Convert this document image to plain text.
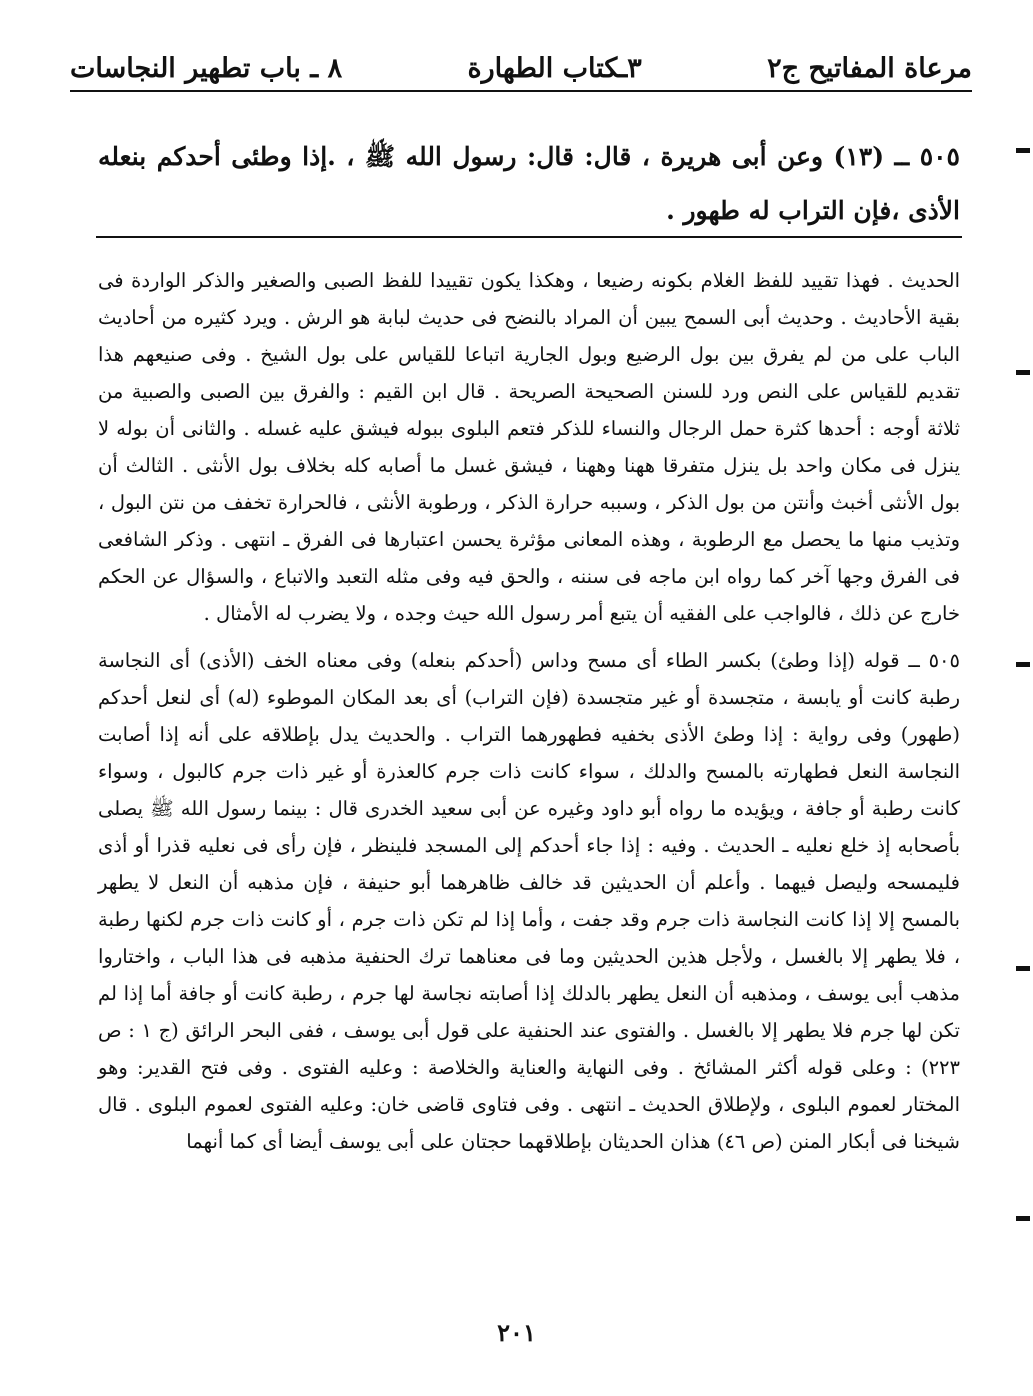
مرعاة المفاتيح ج٢
٣ـكتاب الطهارة
٨ ـ باب تطهير النجاسات
٥٠٥ ــ (١٣) وعن أبى هريرة ، قال: قال: رسول الله ﷺ ، .إذا وطئى أحدكم بنعله الأذى ،فإن التراب له طهور .

الحديث . فهذا تقييد للفظ الغلام بكونه رضيعا ، وهكذا يكون تقييدا للفظ الصبى والصغير والذكر الواردة فى بقية الأحاديث . وحديث أبى السمح يبين أن المراد بالنضح فى حديث لبابة هو الرش . ويرد كثيره من أحاديث الباب على من لم يفرق بين بول الرضيع وبول الجارية اتباعا للقياس على بول الشيخ . وفى صنيعهم هذا تقديم للقياس على النص ورد للسنن الصحيحة الصريحة . قال ابن القيم : والفرق بين الصبى والصبية من ثلاثة أوجه : أحدها كثرة حمل الرجال والنساء للذكر فتعم البلوى ببوله فيشق عليه غسله . والثانى أن بوله لا ينزل فى مكان واحد بل ينزل متفرقا ههنا وههنا ، فيشق غسل ما أصابه كله بخلاف بول الأنثى . الثالث أن بول الأنثى أخبث وأنتن من بول الذكر ، وسببه حرارة الذكر ، ورطوبة الأنثى ، فالحرارة تخفف من نتن البول ، وتذيب منها ما يحصل مع الرطوبة ، وهذه المعانى مؤثرة يحسن اعتبارها فى الفرق ـ انتهى . وذكر الشافعى فى الفرق وجها آخر كما رواه ابن ماجه فى سننه ، والحق فيه وفى مثله التعبد والاتباع ، والسؤال عن الحكم خارج عن ذلك ، فالواجب على الفقيه أن يتبع أمر رسول الله حيث وجده ، ولا يضرب له الأمثال .

٥٠٥ ــ قوله (إذا وطئ) بكسر الطاء أى مسح وداس (أحدكم بنعله) وفى معناه الخف (الأذى) أى النجاسة رطبة كانت أو يابسة ، متجسدة أو غير متجسدة (فإن التراب) أى بعد المكان الموطوء (له) أى لنعل أحدكم (طهور) وفى رواية : إذا وطئ الأذى بخفيه فطهورهما التراب . والحديث يدل بإطلاقه على أنه إذا أصابت النجاسة النعل فطهارته بالمسح والدلك ، سواء كانت ذات جرم كالعذرة أو غير ذات جرم كالبول ، وسواء كانت رطبة أو جافة ، ويؤيده ما رواه أبو داود وغيره عن أبى سعيد الخدرى قال : بينما رسول الله ﷺ يصلى بأصحابه إذ خلع نعليه ـ الحديث . وفيه : إذا جاء أحدكم إلى المسجد فلينظر ، فإن رأى فى نعليه قذرا أو أذى فليمسحه وليصل فيهما . وأعلم أن الحديثين قد خالف ظاهرهما أبو حنيفة ، فإن مذهبه أن النعل لا يطهر بالمسح إلا إذا كانت النجاسة ذات جرم وقد جفت ، وأما إذا لم تكن ذات جرم ، أو كانت ذات جرم لكنها رطبة ، فلا يطهر إلا بالغسل ، ولأجل هذين الحديثين وما فى معناهما ترك الحنفية مذهبه فى هذا الباب ، واختاروا مذهب أبى يوسف ، ومذهبه أن النعل يطهر بالدلك إذا أصابته نجاسة لها جرم ، رطبة كانت أو جافة أما إذا لم تكن لها جرم فلا يطهر إلا بالغسل . والفتوى عند الحنفية على قول أبى يوسف ، ففى البحر الرائق (ج ١ : ص ٢٢٣) : وعلى قوله أكثر المشائخ . وفى النهاية والعناية والخلاصة : وعليه الفتوى . وفى فتح القدير: وهو المختار لعموم البلوى ، ولإطلاق الحديث ـ انتهى . وفى فتاوى قاضى خان: وعليه الفتوى لعموم البلوى . قال شيخنا فى أبكار المنن (ص ٤٦) هذان الحديثان بإطلاقهما حجتان على أبى يوسف أيضا أى كما أنهما

٢٠١
